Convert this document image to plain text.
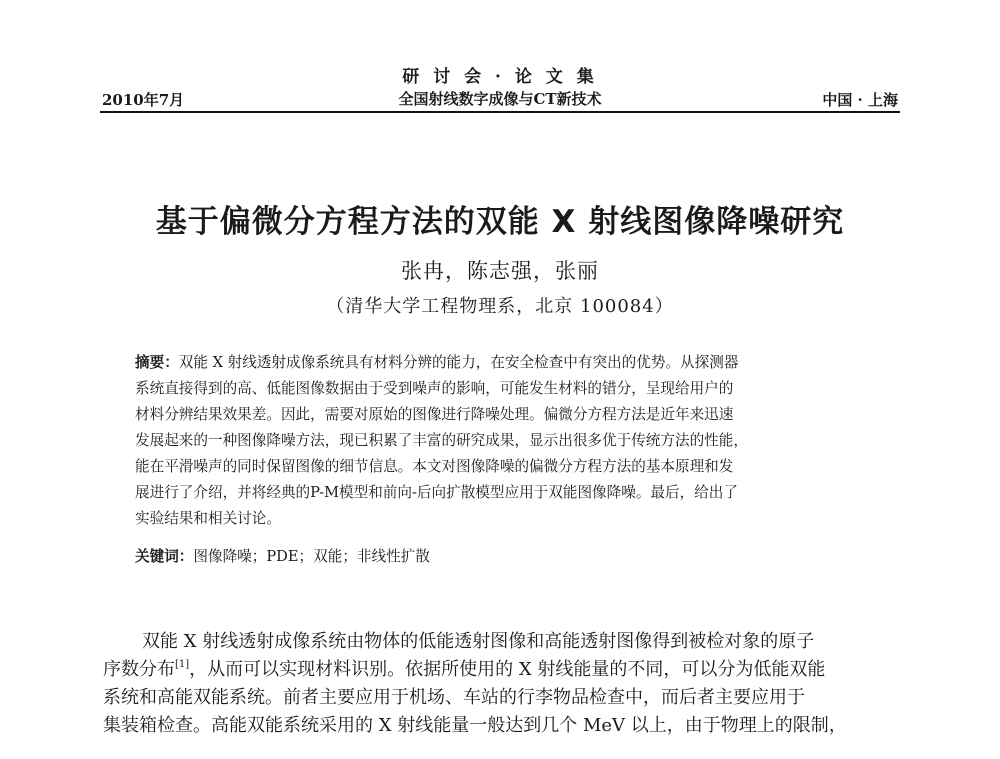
研 讨 会 · 论 文 集
全国射线数字成像与CT新技术
2010年7月	中国 · 上海
基于偏微分方程方法的双能 X 射线图像降噪研究
张冉，陈志强，张丽
（清华大学工程物理系，北京 100084）
摘要：双能 X 射线透射成像系统具有材料分辨的能力，在安全检查中有突出的优势。从探测器
系统直接得到的高、低能图像数据由于受到噪声的影响，可能发生材料的错分，呈现给用户的
材料分辨结果效果差。因此，需要对原始的图像进行降噪处理。偏微分方程方法是近年来迅速
发展起来的一种图像降噪方法，现已积累了丰富的研究成果，显示出很多优于传统方法的性能，
能在平滑噪声的同时保留图像的细节信息。本文对图像降噪的偏微分方程方法的基本原理和发
展进行了介绍，并将经典的P-M模型和前向-后向扩散模型应用于双能图像降噪。最后，给出了
实验结果和相关讨论。
关键词：图像降噪；PDE；双能；非线性扩散
双能 X 射线透射成像系统由物体的低能透射图像和高能透射图像得到被检对象的原子
序数分布[1]，从而可以实现材料识别。依据所使用的 X 射线能量的不同，可以分为低能双能
系统和高能双能系统。前者主要应用于机场、车站的行李物品检查中，而后者主要应用于
集装箱检查。高能双能系统采用的 X 射线能量一般达到几个 MeV 以上，由于物理上的限制，
